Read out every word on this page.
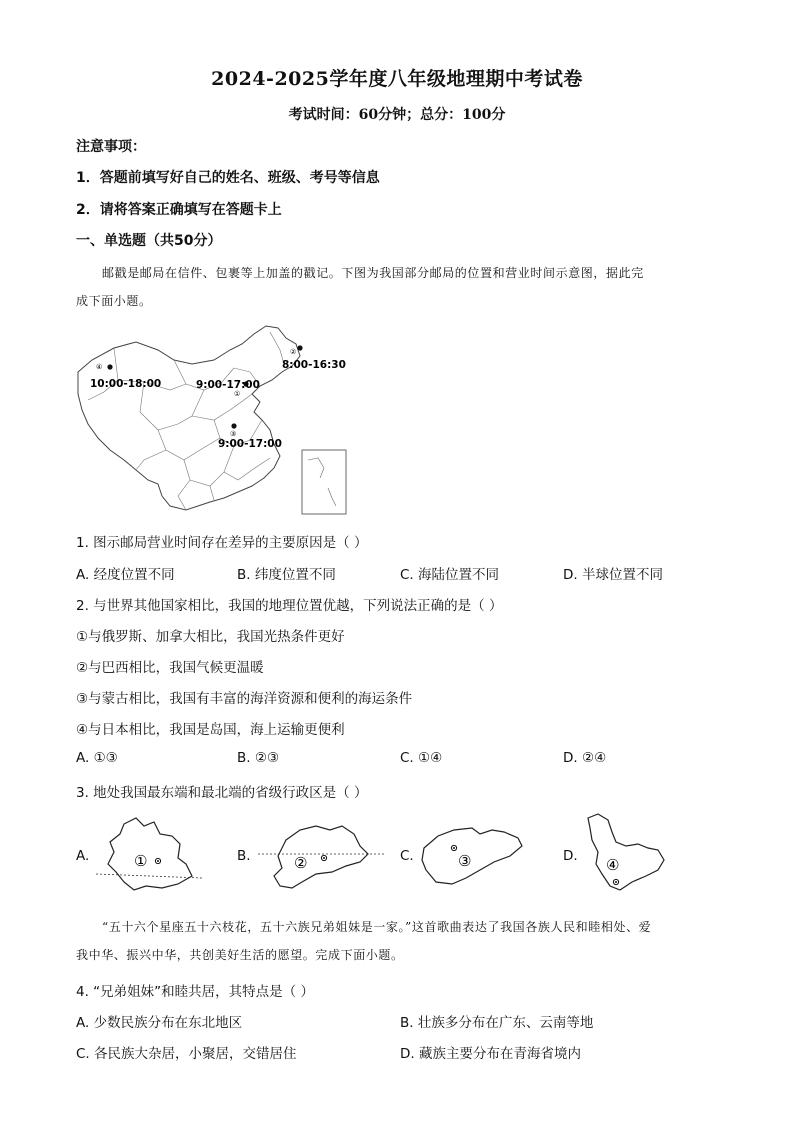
2024-2025学年度八年级地理期中考试卷
考试时间：60分钟；总分：100分
注意事项：
1．答题前填写好自己的姓名、班级、考号等信息
2．请将答案正确填写在答题卡上
一、单选题（共50分）
邮戳是邮局在信件、包裹等上加盖的戳记。下图为我国部分邮局的位置和营业时间示意图，据此完
成下面小题。
④
10:00-18:00
①
9:00-17:00
②
8:00-16:30
③
9:00-17:00
1. 图示邮局营业时间存在差异的主要原因是（ ）
A. 经度位置不同	B. 纬度位置不同	C. 海陆位置不同	D. 半球位置不同
2. 与世界其他国家相比，我国的地理位置优越，下列说法正确的是（ ）
①与俄罗斯、加拿大相比，我国光热条件更好
②与巴西相比，我国气候更温暖
③与蒙古相比，我国有丰富的海洋资源和便利的海运条件
④与日本相比，我国是岛国，海上运输更便利
A. ①③	B. ②③	C. ①④	D. ②④
3. 地处我国最东端和最北端的省级行政区是（ ）
A.	①	B.	②	C.	③	D. ④
“五十六个星座五十六枝花，五十六族兄弟姐妹是一家。”这首歌曲表达了我国各族人民和睦相处、爱
我中华、振兴中华，共创美好生活的愿望。完成下面小题。
4. “兄弟姐妹”和睦共居，其特点是（ ）
A. 少数民族分布在东北地区	B. 壮族多分布在广东、云南等地
C. 各民族大杂居，小聚居，交错居住	D. 藏族主要分布在青海省境内
